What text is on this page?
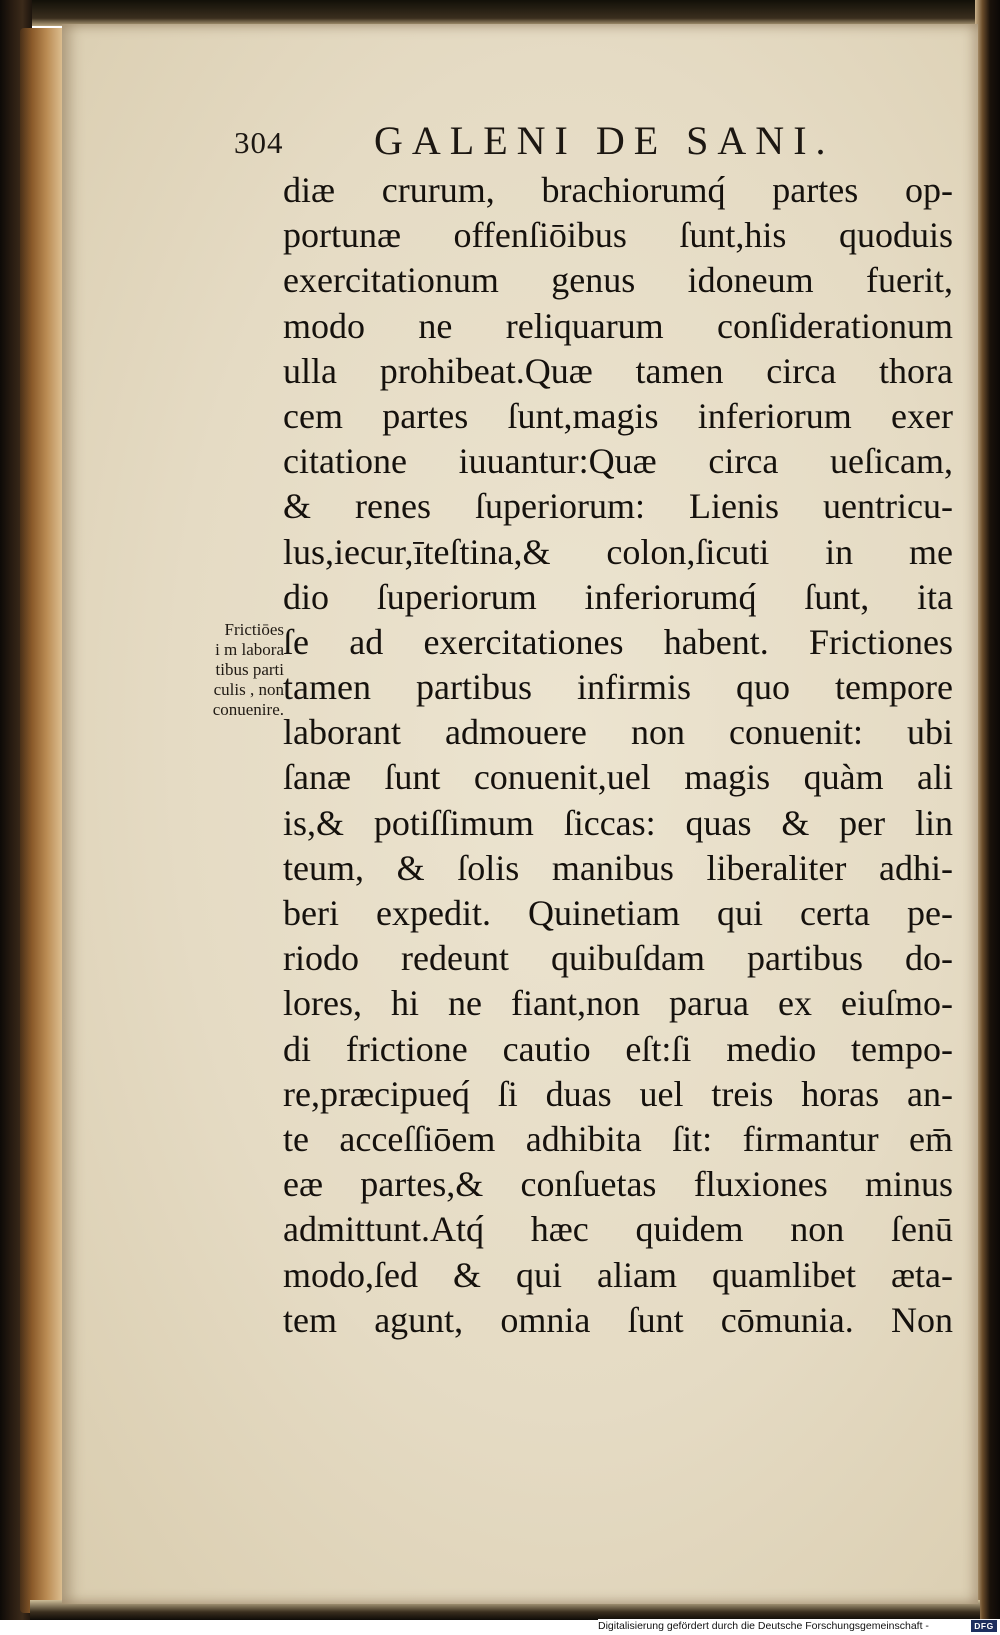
304 GALENI DE SANI.
Frictiōes
i m labora
tibus parti
culis , non
conuenire.
diæ crurum, brachiorumq́ partes op-
portunæ offenſiōibus ſunt,his quoduis
exercitationum genus idoneum fuerit,
modo ne reliquarum conſiderationum
ulla prohibeat.Quæ tamen circa thora
cem partes ſunt,magis inferiorum exer
citatione iuuantur:Quæ circa ueſicam,
& renes ſuperiorum: Lienis uentricu-
lus,iecur,īteſtina,& colon,ſicuti in me
dio ſuperiorum inferiorumq́ ſunt, ita
ſe ad exercitationes habent. Frictiones
tamen partibus infirmis quo tempore
laborant admouere non conuenit: ubi
ſanæ ſunt conuenit,uel magis quàm ali
is,& potiſſimum ſiccas: quas & per lin
teum, & ſolis manibus liberaliter adhi-
beri expedit. Quinetiam qui certa pe-
riodo redeunt quibuſdam partibus do-
lores, hi ne fiant,non parua ex eiuſmo-
di frictione cautio eſt:ſi medio tempo-
re,præcipueq́ ſi duas uel treis horas an-
te acceſſiōem adhibita ſit: firmantur em̄
eæ partes,& conſuetas fluxiones minus
admittunt.Atq́ hæc quidem non ſenū
modo,ſed & qui aliam quamlibet æta-
tem agunt, omnia ſunt cōmunia. Non
Digitalisierung gefördert durch die Deutsche Forschungsgemeinschaft -	DFG
